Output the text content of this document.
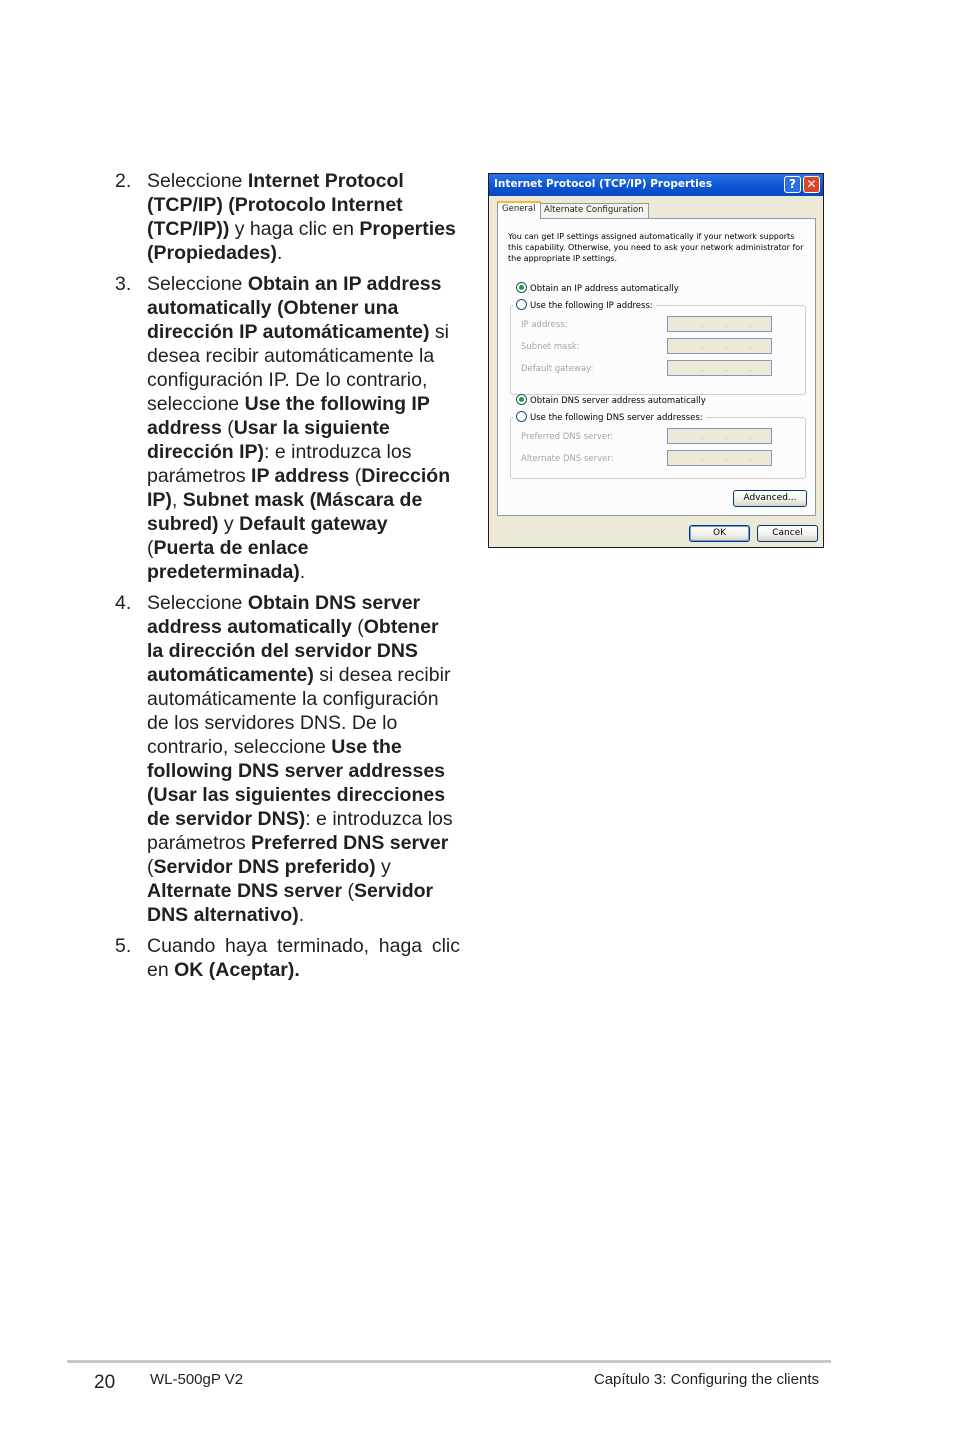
2. Seleccione Internet Protocol (TCP/IP) (Protocolo Internet (TCP/IP)) y haga clic en Properties (Propiedades).

3. Seleccione Obtain an IP address automatically (Obtener una dirección IP automáticamente) si desea recibir automáticamente la configuración IP. De lo contrario, seleccione Use the following IP address (Usar la siguiente dirección IP): e introduzca los parámetros IP address (Dirección IP), Subnet mask (Máscara de subred) y Default gateway (Puerta de enlace predeterminada).

4. Seleccione Obtain DNS server address automatically (Obtener la dirección del servidor DNS automáticamente) si desea recibir automáticamente la configuración de los servidores DNS. De lo contrario, seleccione Use the following DNS server addresses (Usar las siguientes direcciones de servidor DNS): e introduzca los parámetros Preferred DNS server (Servidor DNS preferido) y Alternate DNS server (Servidor DNS alternativo).

5. Cuando haya terminado, haga clic en OK (Aceptar).

Internet Protocol (TCP/IP) Properties	? ✕
General	Alternate Configuration

You can get IP settings assigned automatically if your network supports this capability. Otherwise, you need to ask your network administrator for the appropriate IP settings.

Obtain an IP address automatically
IP address:	.	.	.
Subnet mask:	.	.	.
Default gateway:	.	.	.
Use the following IP address:
Obtain DNS server address automatically
Preferred DNS server:	.	.	.
Alternate DNS server:	.	.	.
Use the following DNS server addresses:
Advanced...
OK	Cancel
20 WL-500gP V2	Capítulo 3: Configuring the clients
